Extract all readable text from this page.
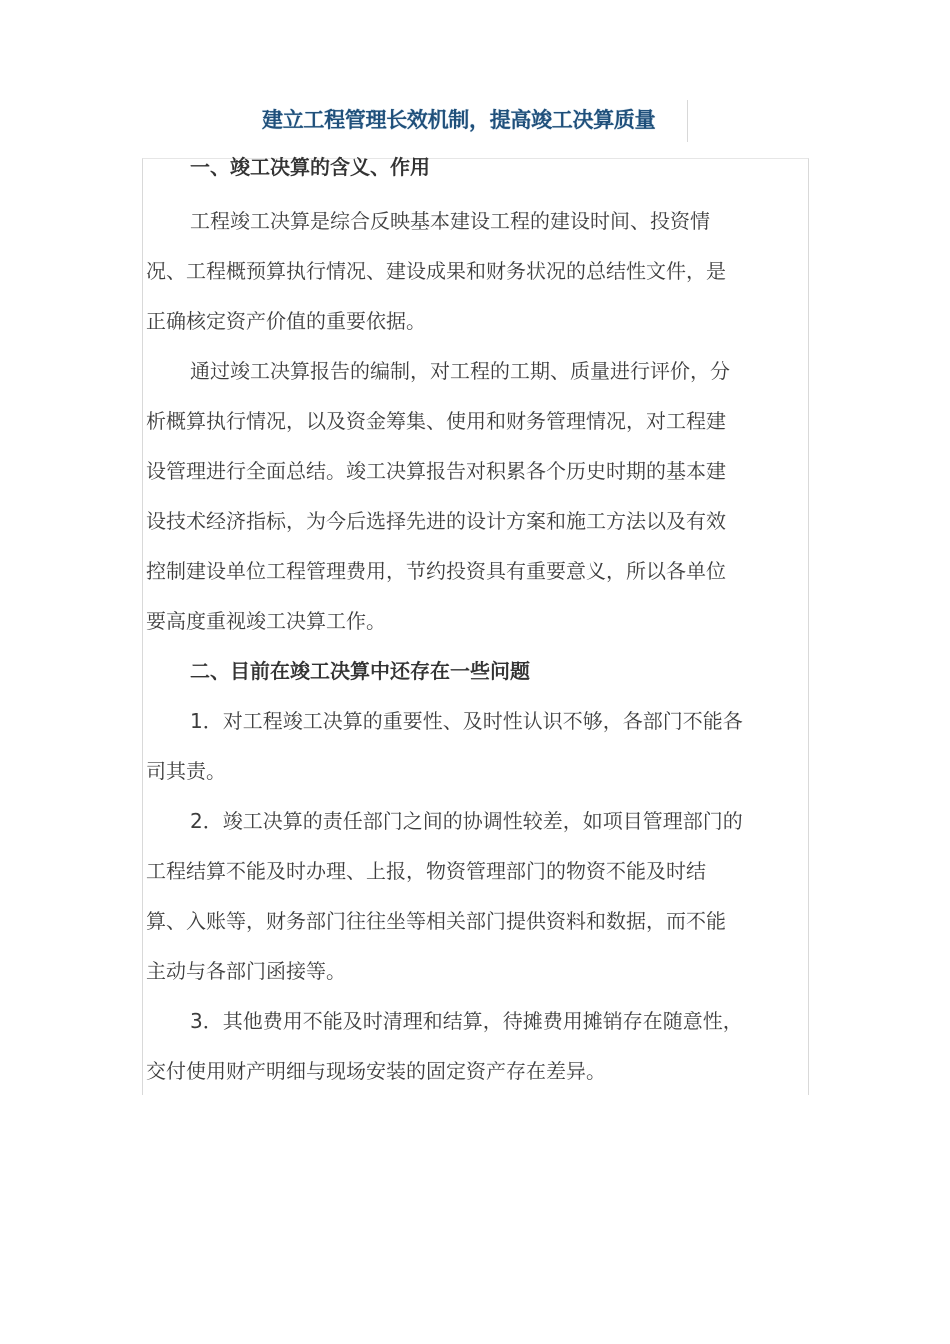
建立工程管理长效机制，提高竣工决算质量

一、竣工决算的含义、作用

工程竣工决算是综合反映基本建设工程的建设时间、投资情

况、工程概预算执行情况、建设成果和财务状况的总结性文件，是

正确核定资产价值的重要依据。

通过竣工决算报告的编制，对工程的工期、质量进行评价，分

析概算执行情况，以及资金筹集、使用和财务管理情况，对工程建

设管理进行全面总结。竣工决算报告对积累各个历史时期的基本建

设技术经济指标，为今后选择先进的设计方案和施工方法以及有效

控制建设单位工程管理费用，节约投资具有重要意义，所以各单位

要高度重视竣工决算工作。

二、目前在竣工决算中还存在一些问题

1．对工程竣工决算的重要性、及时性认识不够，各部门不能各

司其责。

2．竣工决算的责任部门之间的协调性较差，如项目管理部门的

工程结算不能及时办理、上报，物资管理部门的物资不能及时结

算、入账等，财务部门往往坐等相关部门提供资料和数据，而不能

主动与各部门函接等。

3．其他费用不能及时清理和结算，待摊费用摊销存在随意性，

交付使用财产明细与现场安装的固定资产存在差异。
